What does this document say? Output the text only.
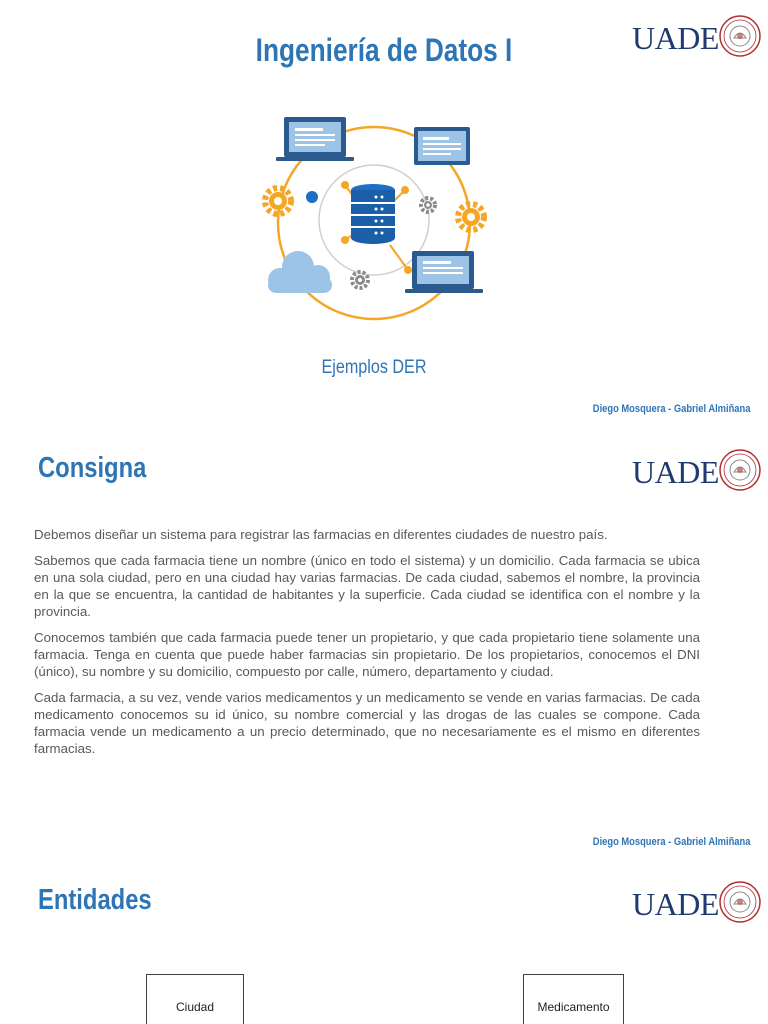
UADE
Ingeniería de Datos I
Ejemplos DER
Diego Mosquera - Gabriel Almiñana
Consigna	UADE

Debemos diseñar un sistema para registrar las farmacias en diferentes ciudades de nuestro país.

Sabemos que cada farmacia tiene un nombre (único en todo el sistema) y un domicilio. Cada farmacia se ubica en una sola ciudad, pero en una ciudad hay varias farmacias. De cada ciudad, sabemos el nombre, la provincia en la que se encuentra, la cantidad de habitantes y la superficie. Cada ciudad se identifica con el nombre y la provincia.

Conocemos también que cada farmacia puede tener un propietario, y que cada propietario tiene solamente una farmacia. Tenga en cuenta que puede haber farmacias sin propietario. De los propietarios, conocemos el DNI (único), su nombre y su domicilio, compuesto por calle, número, departamento y ciudad.

Cada farmacia, a su vez, vende varios medicamentos y un medicamento se vende en varias farmacias. De cada medicamento conocemos su id único, su nombre comercial y las drogas de las cuales se compone. Cada farmacia vende un medicamento a un precio determinado, que no necesariamente es el mismo en diferentes farmacias.

Diego Mosquera - Gabriel Almiñana
Entidades	UADE
Ciudad	Medicamento
